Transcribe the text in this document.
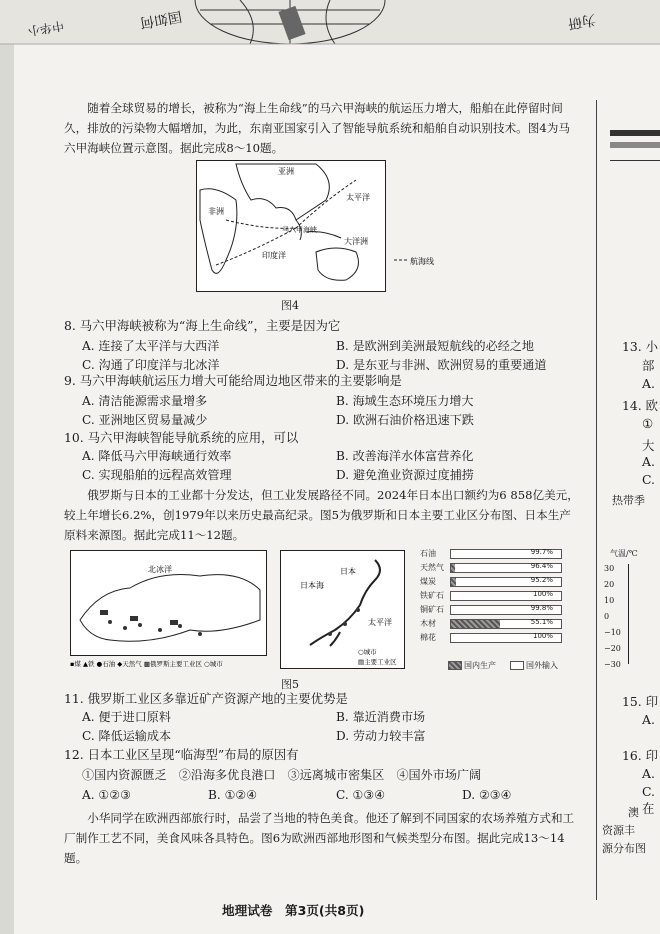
中华小	国如何	为研

随着全球贸易的增长，被称为“海上生命线”的马六甲海峡的航运压力增大，船舶在此停留时间久，排放的污染物大幅增加，为此，东南亚国家引入了智能导航系统和船舶自动识别技术。图4为马六甲海峡位置示意图。据此完成8～10题。

航海线
亚洲
非洲
太平洋
马六甲海峡
印度洋
大洋洲
图4
8. 马六甲海峡被称为“海上生命线”，主要是因为它
A. 连接了太平洋与大西洋	B. 是欧洲到美洲最短航线的必经之地
C. 沟通了印度洋与北冰洋	D. 是东亚与非洲、欧洲贸易的重要通道
9. 马六甲海峡航运压力增大可能给周边地区带来的主要影响是
A. 清洁能源需求量增多	B. 海域生态环境压力增大
C. 亚洲地区贸易量减少	D. 欧洲石油价格迅速下跌
10. 马六甲海峡智能导航系统的应用，可以
A. 降低马六甲海峡通行效率	B. 改善海洋水体富营养化
C. 实现船舶的远程高效管理	D. 避免渔业资源过度捕捞

俄罗斯与日本的工业都十分发达，但工业发展路径不同。2024年日本出口额约为6 858亿美元，较上年增长6.2%，创1979年以来历史最高纪录。图5为俄罗斯和日本主要工业区分布图、日本生产原料来源图。据此完成11～12题。

北冰洋
▪煤 ▲铁 ●石油 ◆天然气 ▩俄罗斯主要工业区 ○城市
日本海
日本
太平洋
○城市
▤主要工业区
石油	99.7%
天然气	96.4%
煤炭	95.2%
铁矿石	100%
铜矿石	99.8%
木材	55.1%
棉花	100%
国内生产	国外输入
图5
11. 俄罗斯工业区多靠近矿产资源产地的主要优势是
A. 便于进口原料	B. 靠近消费市场
C. 降低运输成本	D. 劳动力较丰富
12. 日本工业区呈现“临海型”布局的原因有
①国内资源匮乏　②沿海多优良港口　③远离城市密集区　④国外市场广阔
A. ①②③	B. ①②④	C. ①③④	D. ②③④

小华同学在欧洲西部旅行时，品尝了当地的特色美食。他还了解到不同国家的农场养殖方式和工厂制作工艺不同，美食风味各具特色。图6为欧洲西部地形图和气候类型分布图。据此完成13～14题。

地理试卷　第3页(共8页)
13. 小
部
A.
14. 欧
①
大
A.
C.
热带季
气温/℃
30
20
10
0
−10
−20
−30
15. 印
A.
16. 印
A.
C. 在
澳
资源丰
源分布图
